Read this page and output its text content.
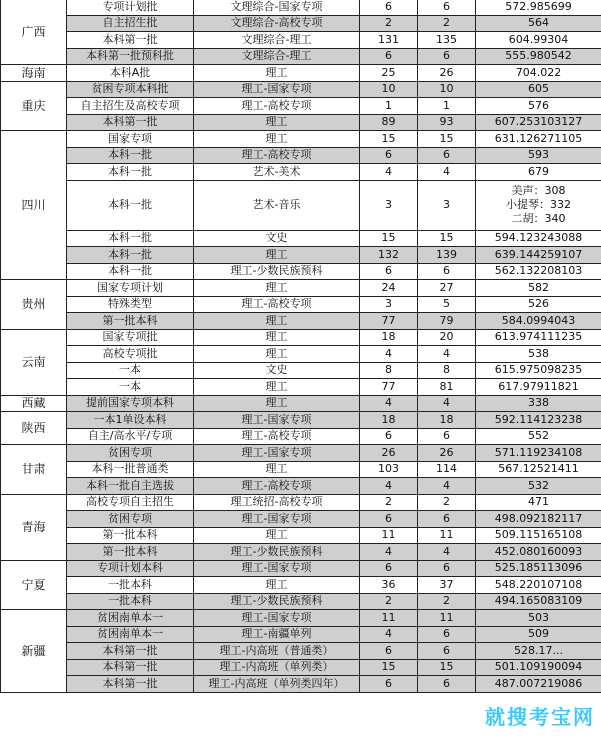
广西	专项计划批	文理综合-国家专项	6	6	572.985699
	自主招生批	文理综合-高校专项	2	2	564
	本科第一批	文理综合-理工	131	135	604.99304
	本科第一批预科批	文理综合-理工	6	6	555.980542
海南	本科A批	理工	25	26	704.022
重庆	贫困专项本科批	理工-国家专项	10	10	605
	自主招生及高校专项	理工-高校专项	1	1	576
	本科第一批	理工	89	93	607.253103127
四川	国家专项	理工	15	15	631.126271105
	本科一批	理工-高校专项	6	6	593
	本科一批	艺术-美术	4	4	679
	本科一批	艺术-音乐	3	3	美声：308
小提琴：332
二胡：340

	本科一批	文史	15	15	594.123243088
	本科一批	理工	132	139	639.144259107
	本科一批	理工-少数民族预科	6	6	562.132208103
贵州	国家专项计划	理工	24	27	582
	特殊类型	理工-高校专项	3	5	526
	第一批本科	理工	77	79	584.0994043
云南	国家专项批	理工	18	20	613.974111235
	高校专项批	理工	4	4	538
	一本	文史	8	8	615.975098235
	一本	理工	77	81	617.97911821
西藏	提前国家专项本科	理工	4	4	338
陕西	一本1单设本科	理工-国家专项	18	18	592.114123238
	自主/高水平/专项	理工-高校专项	6	6	552
甘肃	贫困专项	理工-国家专项	26	26	571.119234108
	本科一批普通类	理工	103	114	567.12521411
	本科一批自主选拔	理工-高校专项	4	4	532
青海	高校专项自主招生	理工统招-高校专项	2	2	471
	贫困专项	理工-国家专项	6	6	498.092182117
	第一批本科	理工	11	11	509.115165108
	第一批本科	理工-少数民族预科	4	4	452.080160093
宁夏	专项计划本科	理工-国家专项	6	6	525.185113096
	一批本科	理工	36	37	548.220107108
	一批本科	理工-少数民族预科	2	2	494.165083109
新疆	贫困南单本一	理工-国家专项	11	11	503
	贫困南单本一	理工-南疆单列	4	6	509
	本科第一批	理工-内高班（普通类）	6	6	528.17...
	本科第一批	理工-内高班（单列类）	15	15	501.109190094
	本科第一批	理工-内高班（单列类四年）	6	6	487.007219086
就搜考宝网
